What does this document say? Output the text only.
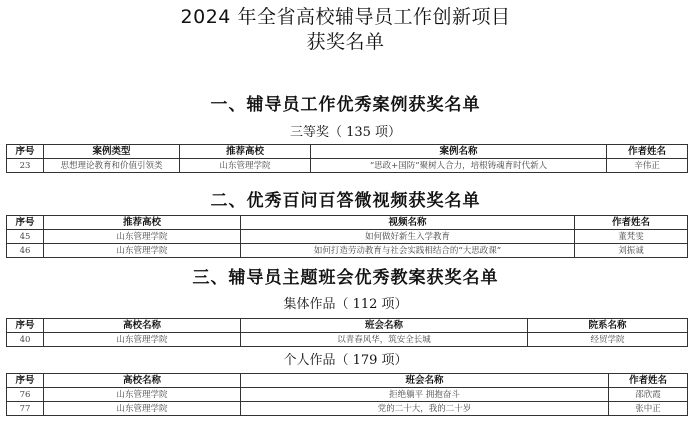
2024 年全省高校辅导员工作创新项目
获奖名单
一、辅导员工作优秀案例获奖名单
三等奖（ 135 项）
序号	案例类型	推荐高校	案例名称	作者姓名
23	思想理论教育和价值引领类	山东管理学院	“思政+国防”聚树人合力，培根铸魂育时代新人	辛伟正
二、优秀百问百答微视频获奖名单
序号	推荐高校	视频名称	作者姓名
45	山东管理学院	如何做好新生入学教育	董梵雯
46	山东管理学院	如何打造劳动教育与社会实践相结合的“大思政课”	刘振诚
三、辅导员主题班会优秀教案获奖名单
集体作品（ 112 项）
序号	高校名称	班会名称	院系名称
40	山东管理学院	以青春风华，筑安全长城	经贸学院
个人作品（ 179 项）
序号	高校名称	班会名称	作者姓名
76	山东管理学院	拒绝躺平 拥抱奋斗	邵欣霞
77	山东管理学院	党的二十大，我的二十岁	张中正
